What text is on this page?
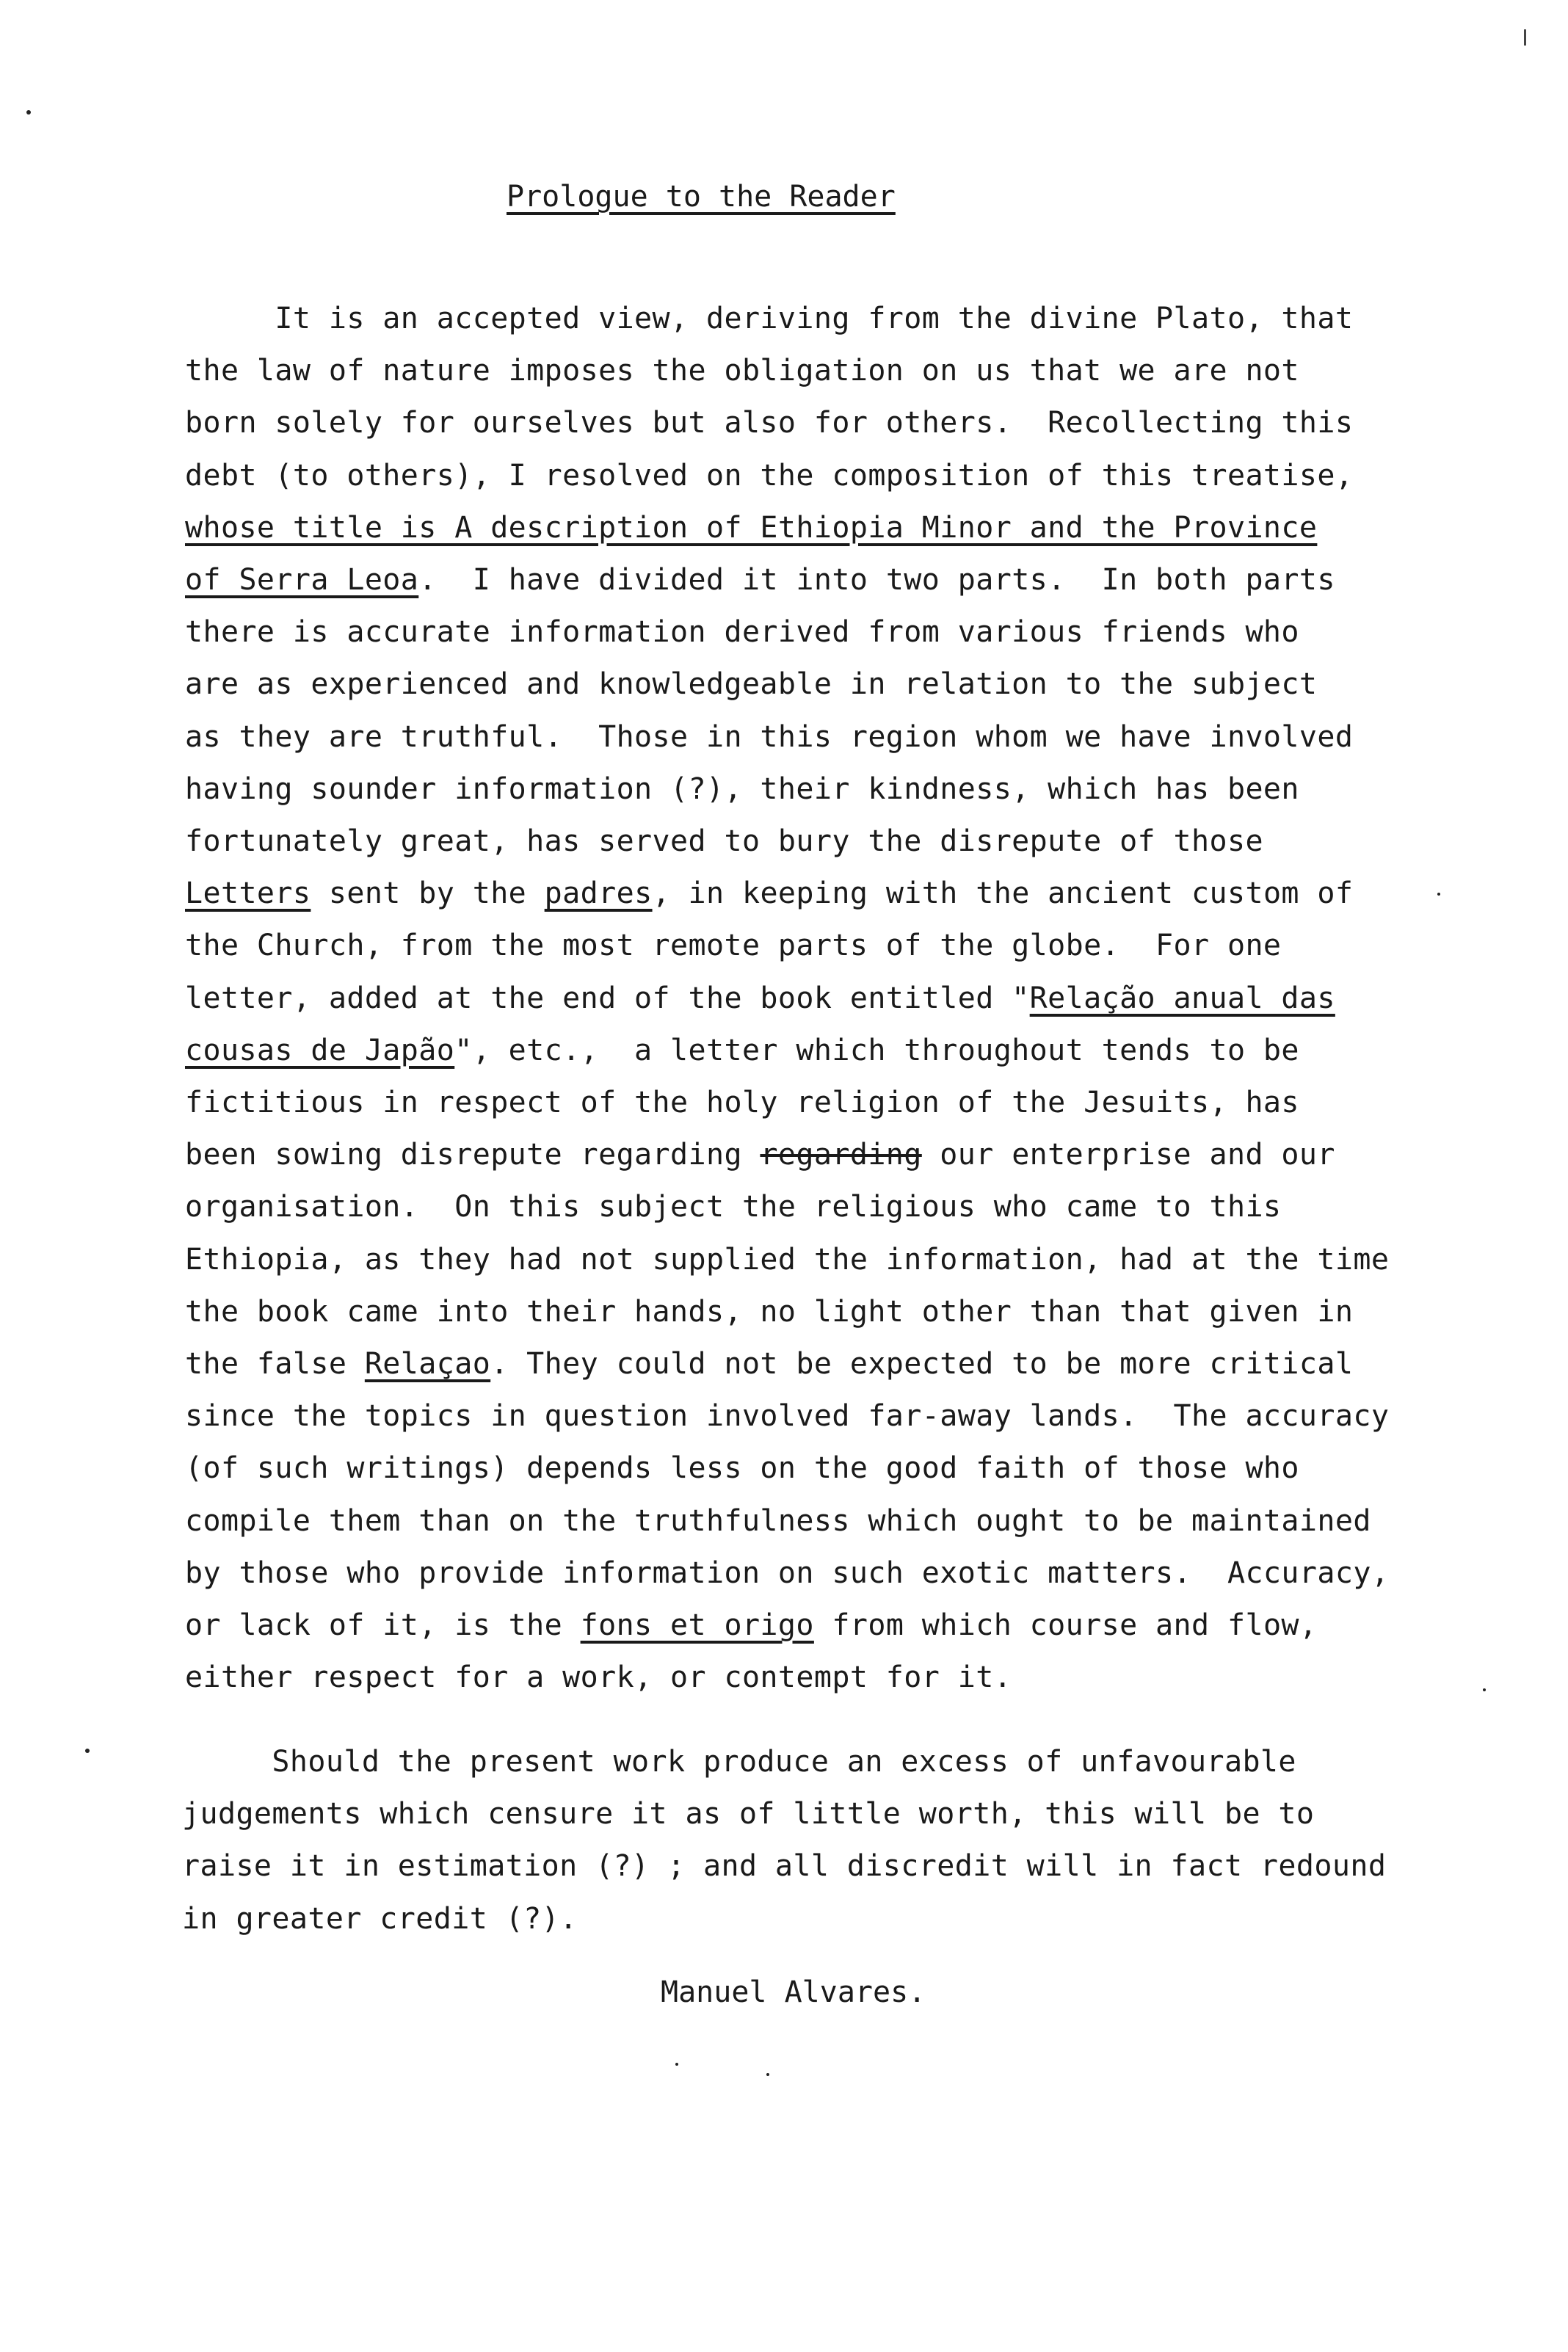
Prologue to the Reader
It is an accepted view, deriving from the divine Plato, that
the law of nature imposes the obligation on us that we are not
born solely for ourselves but also for others.  Recollecting this
debt (to others), I resolved on the composition of this treatise,
whose title is A description of Ethiopia Minor and the Province
of Serra Leoa.  I have divided it into two parts.  In both parts
there is accurate information derived from various friends who
are as experienced and knowledgeable in relation to the subject
as they are truthful.  Those in this region whom we have involved
having sounder information (?), their kindness, which has been
fortunately great, has served to bury the disrepute of those
Letters sent by the padres, in keeping with the ancient custom of
the Church, from the most remote parts of the globe.  For one
letter, added at the end of the book entitled "Relação anual das
cousas de Japão", etc.,  a letter which throughout tends to be
fictitious in respect of the holy religion of the Jesuits, has
been sowing disrepute regarding regarding our enterprise and our
organisation.  On this subject the religious who came to this
Ethiopia, as they had not supplied the information, had at the time
the book came into their hands, no light other than that given in
the false Relaçao. They could not be expected to be more critical
since the topics in question involved far-away lands.  The accuracy
(of such writings) depends less on the good faith of those who
compile them than on the truthfulness which ought to be maintained
by those who provide information on such exotic matters.  Accuracy,
or lack of it, is the fons et origo from which course and flow,
either respect for a work, or contempt for it.
Should the present work produce an excess of unfavourable
judgements which censure it as of little worth, this will be to
raise it in estimation (?) ; and all discredit will in fact redound
in greater credit (?).
Manuel Alvares.
